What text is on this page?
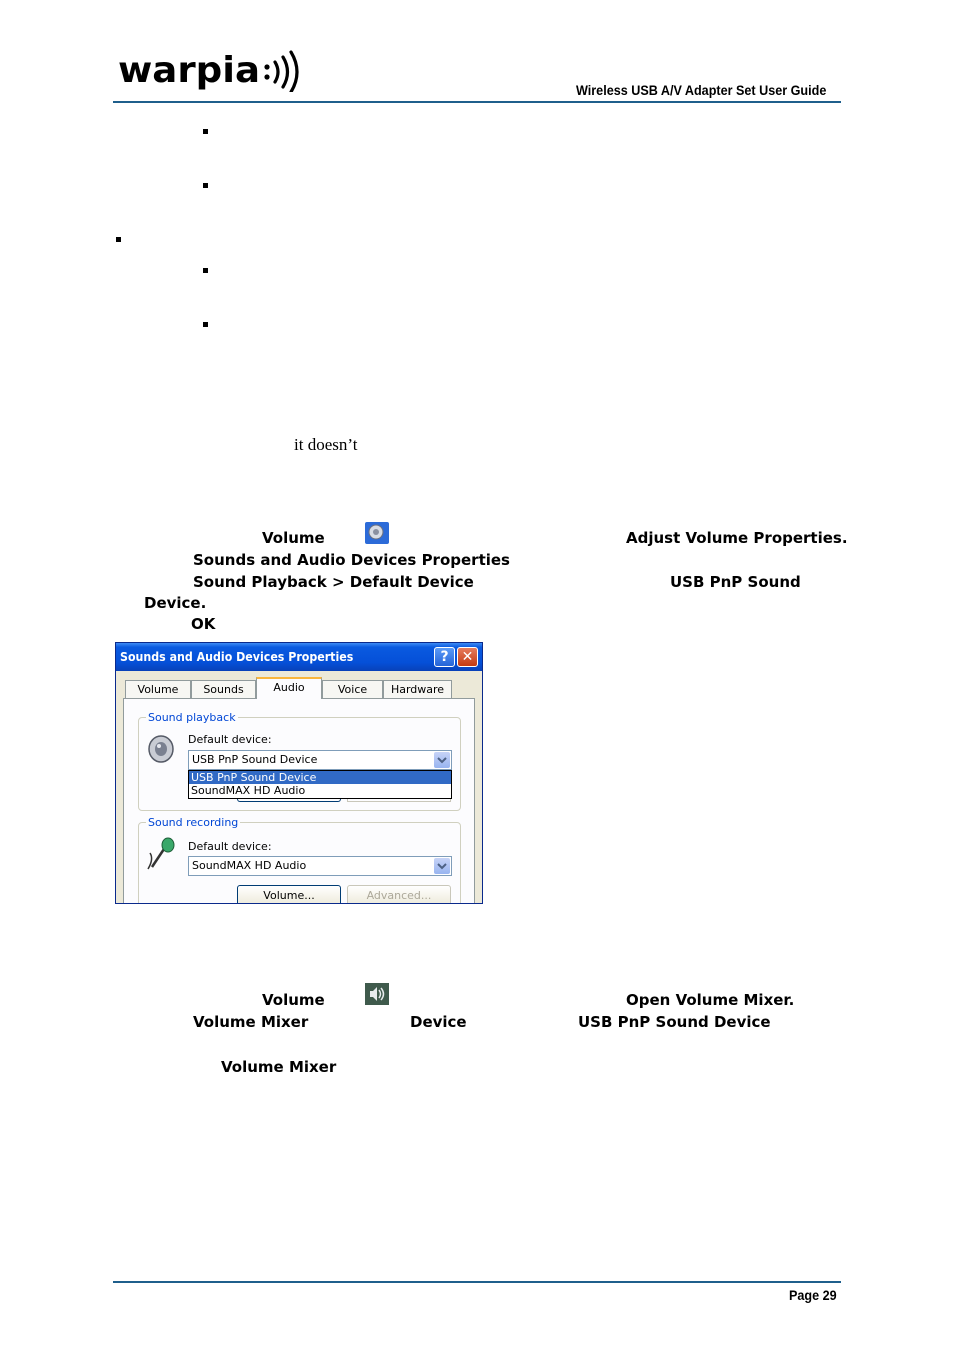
warpia	Wireless USB A/V Adapter Set User Guide
it doesn’t
Volume	Adjust Volume Properties.
Sounds and Audio Devices Properties
Sound Playback > Default Device	USB PnP Sound
Device.
OK
Sounds and Audio Devices Properties	? ✕
Volume	Sounds	Audio	Voice	Hardware
Sound playback
Default device:
USB PnP Sound Device
USB PnP Sound Device
SoundMAX HD Audio
Sound recording
Default device:
SoundMAX HD Audio
Volume...	Advanced...
Volume	Open Volume Mixer.
Volume Mixer	Device	USB PnP Sound Device
Volume Mixer
Page 29
